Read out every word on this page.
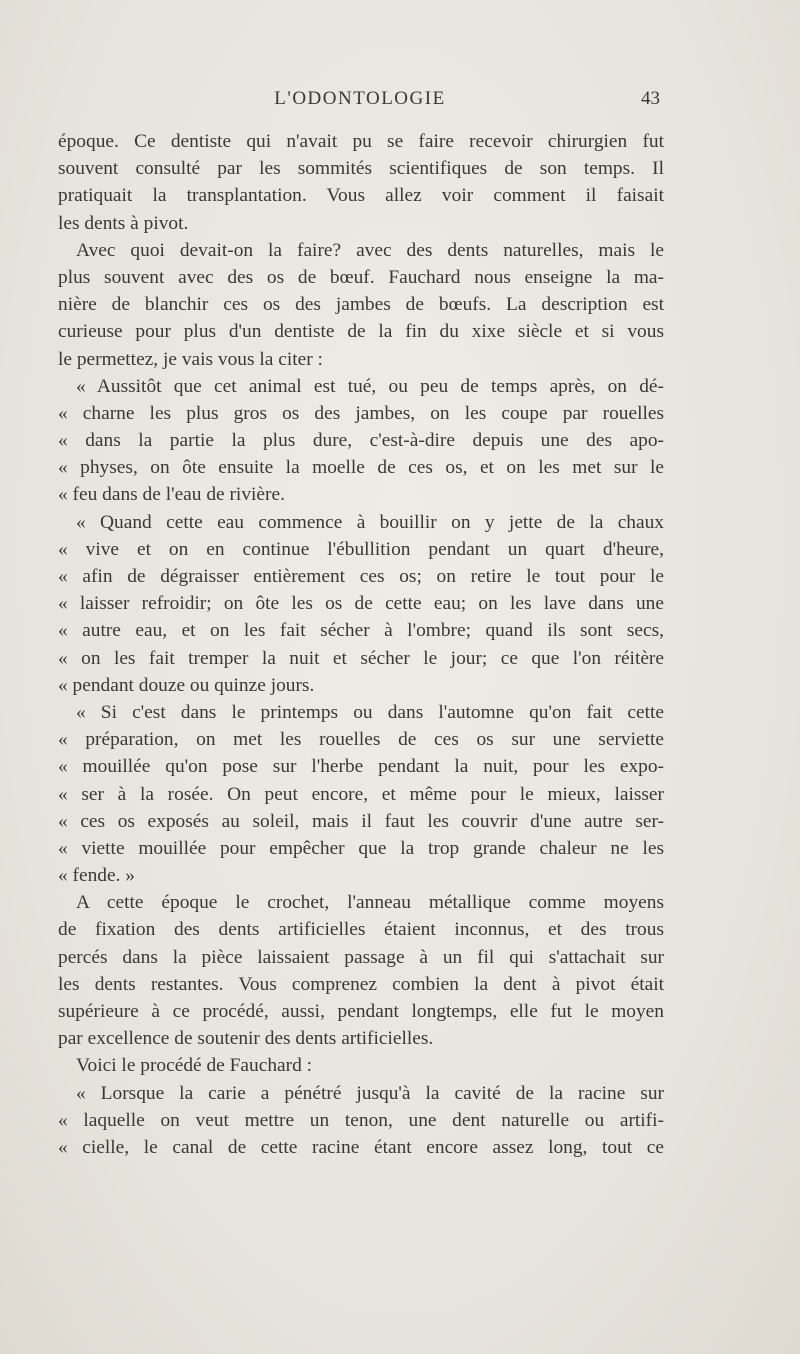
L'ODONTOLOGIE	43
époque. Ce dentiste qui n'avait pu se faire recevoir chirurgien fut
souvent consulté par les sommités scientifiques de son temps. Il
pratiquait la transplantation. Vous allez voir comment il faisait
les dents à pivot.
Avec quoi devait-on la faire? avec des dents naturelles, mais le
plus souvent avec des os de bœuf. Fauchard nous enseigne la ma-
nière de blanchir ces os des jambes de bœufs. La description est
curieuse pour plus d'un dentiste de la fin du xixe siècle et si vous
le permettez, je vais vous la citer :
« Aussitôt que cet animal est tué, ou peu de temps après, on dé-
« charne les plus gros os des jambes, on les coupe par rouelles
« dans la partie la plus dure, c'est-à-dire depuis une des apo-
« physes, on ôte ensuite la moelle de ces os, et on les met sur le
« feu dans de l'eau de rivière.
« Quand cette eau commence à bouillir on y jette de la chaux
« vive et on en continue l'ébullition pendant un quart d'heure,
« afin de dégraisser entièrement ces os; on retire le tout pour le
« laisser refroidir; on ôte les os de cette eau; on les lave dans une
« autre eau, et on les fait sécher à l'ombre; quand ils sont secs,
« on les fait tremper la nuit et sécher le jour; ce que l'on réitère
« pendant douze ou quinze jours.
« Si c'est dans le printemps ou dans l'automne qu'on fait cette
« préparation, on met les rouelles de ces os sur une serviette
« mouillée qu'on pose sur l'herbe pendant la nuit, pour les expo-
« ser à la rosée. On peut encore, et même pour le mieux, laisser
« ces os exposés au soleil, mais il faut les couvrir d'une autre ser-
« viette mouillée pour empêcher que la trop grande chaleur ne les
« fende. »
A cette époque le crochet, l'anneau métallique comme moyens
de fixation des dents artificielles étaient inconnus, et des trous
percés dans la pièce laissaient passage à un fil qui s'attachait sur
les dents restantes. Vous comprenez combien la dent à pivot était
supérieure à ce procédé, aussi, pendant longtemps, elle fut le moyen
par excellence de soutenir des dents artificielles.
Voici le procédé de Fauchard :
« Lorsque la carie a pénétré jusqu'à la cavité de la racine sur
« laquelle on veut mettre un tenon, une dent naturelle ou artifi-
« cielle, le canal de cette racine étant encore assez long, tout ce
